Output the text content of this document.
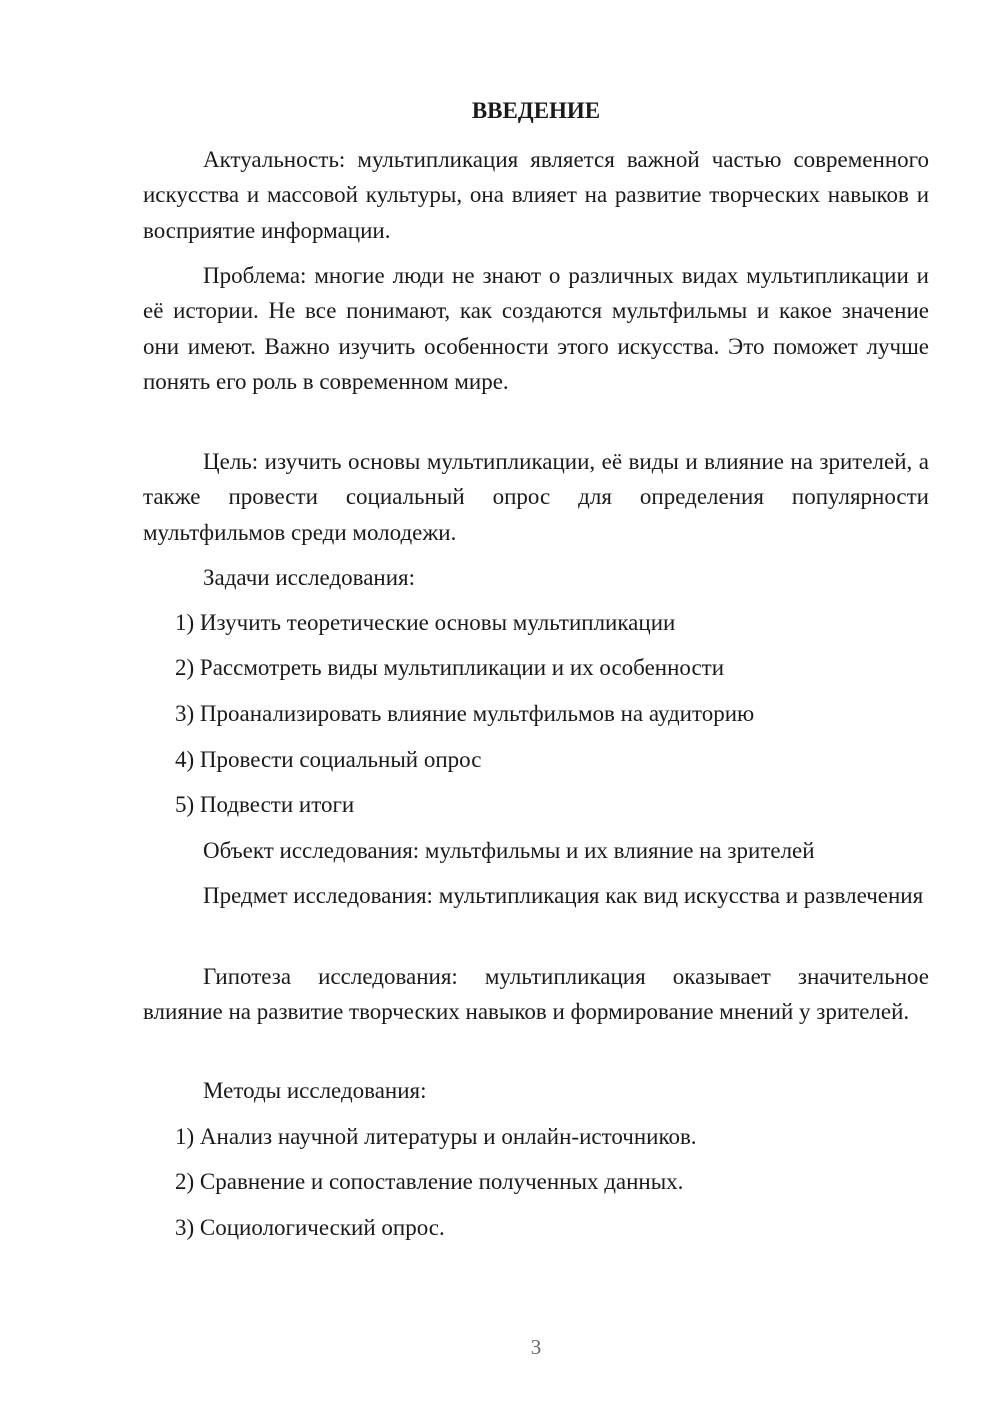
ВВЕДЕНИЕ
Актуальность: мультипликация является важной частью современного искусства и массовой культуры, она влияет на развитие творческих навыков и восприятие информации.
Проблема: многие люди не знают о различных видах мультипликации и её истории. Не все понимают, как создаются мультфильмы и какое значение они имеют. Важно изучить особенности этого искусства. Это поможет лучше понять его роль в современном мире.
Цель: изучить основы мультипликации, её виды и влияние на зрителей, а также провести социальный опрос для определения популярности мультфильмов среди молодежи.
Задачи исследования:
1) Изучить теоретические основы мультипликации
2) Рассмотреть виды мультипликации и их особенности
3) Проанализировать влияние мультфильмов на аудиторию
4) Провести социальный опрос
5) Подвести итоги
Объект исследования: мультфильмы и их влияние на зрителей
Предмет исследования: мультипликация как вид искусства и развлечения
Гипотеза исследования: мультипликация оказывает значительное влияние на развитие творческих навыков и формирование мнений у зрителей.
Методы исследования:
1) Анализ научной литературы и онлайн-источников.
2) Сравнение и сопоставление полученных данных.
3) Социологический опрос.
3
